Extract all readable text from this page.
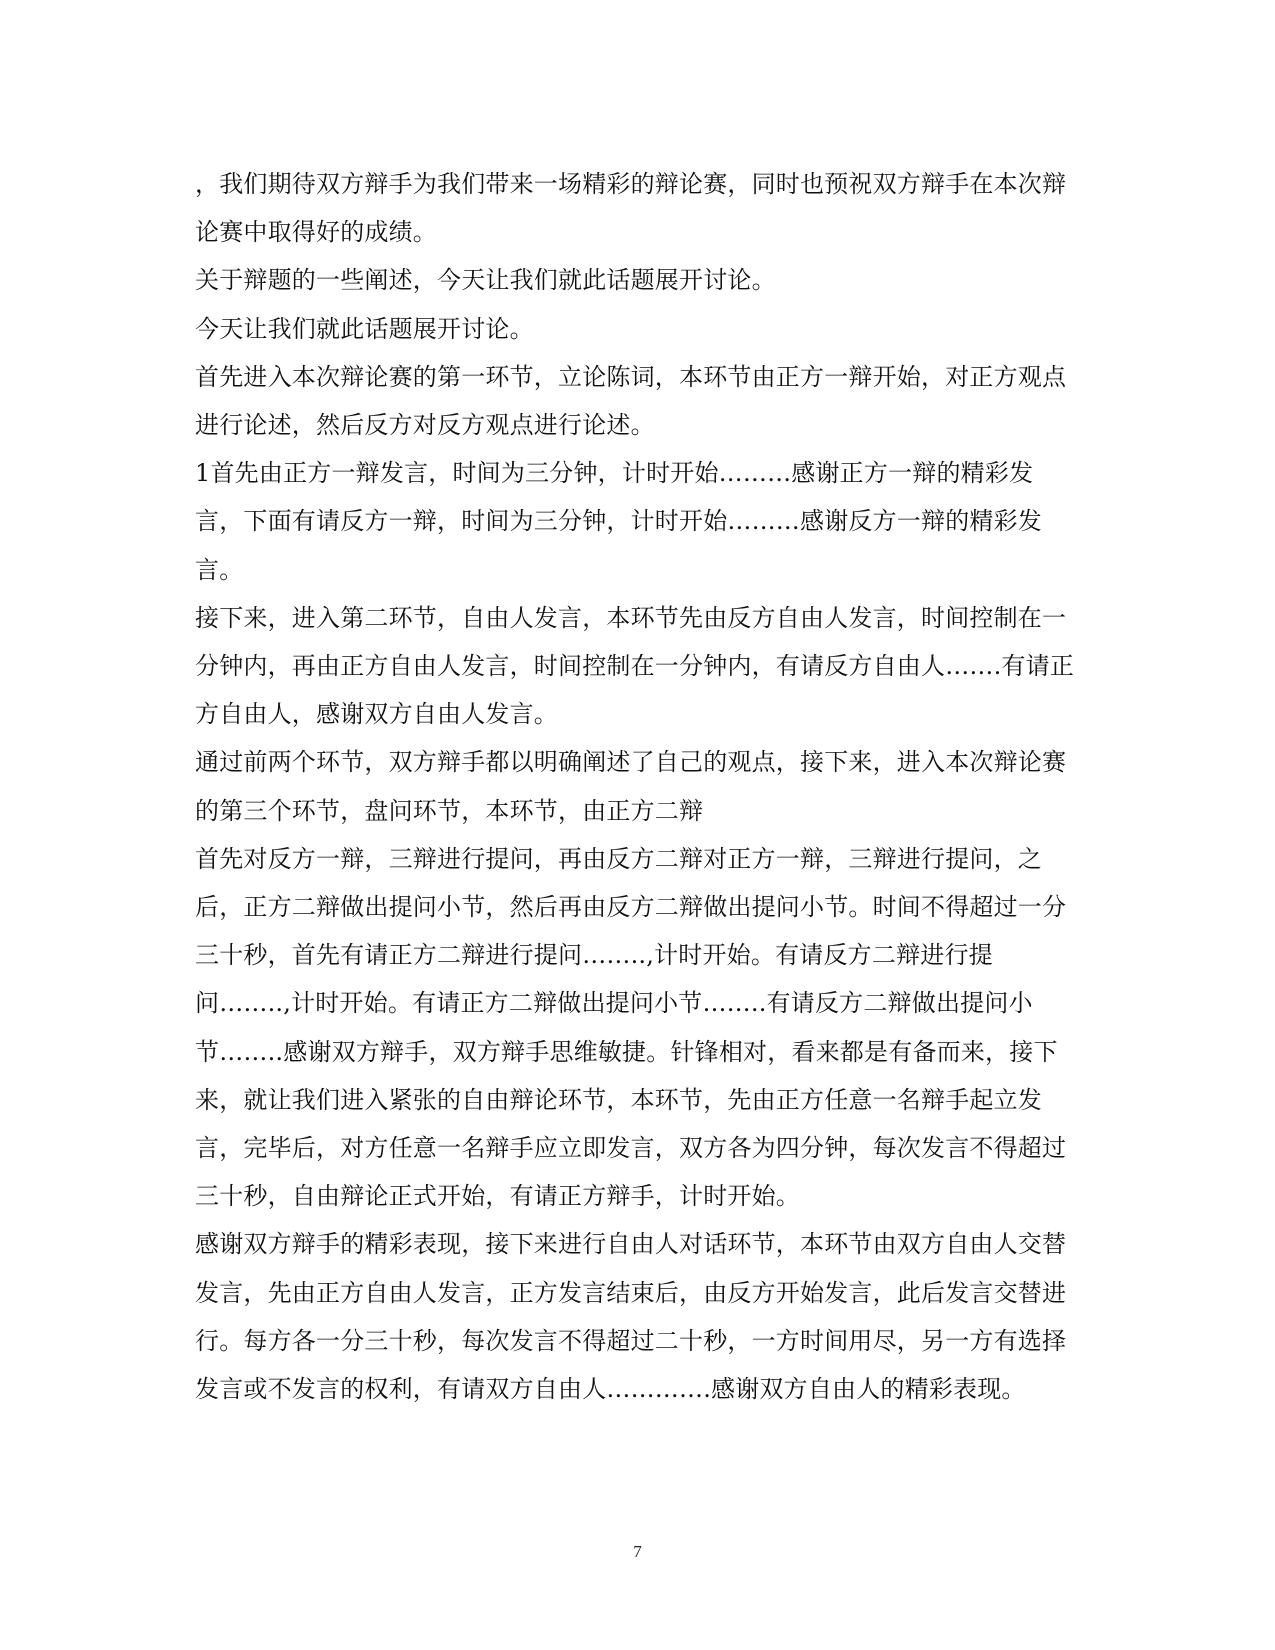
，我们期待双方辩手为我们带来一场精彩的辩论赛，同时也预祝双方辩手在本次辩论赛中取得好的成绩。

关于辩题的一些阐述，今天让我们就此话题展开讨论。

今天让我们就此话题展开讨论。

首先进入本次辩论赛的第一环节，立论陈词，本环节由正方一辩开始，对正方观点进行论述，然后反方对反方观点进行论述。

1首先由正方一辩发言，时间为三分钟，计时开始………感谢正方一辩的精彩发言，下面有请反方一辩，时间为三分钟，计时开始………感谢反方一辩的精彩发言。

接下来，进入第二环节，自由人发言，本环节先由反方自由人发言，时间控制在一分钟内，再由正方自由人发言，时间控制在一分钟内，有请反方自由人…….有请正方自由人，感谢双方自由人发言。

通过前两个环节，双方辩手都以明确阐述了自己的观点，接下来，进入本次辩论赛的第三个环节，盘问环节，本环节，由正方二辩

首先对反方一辩，三辩进行提问，再由反方二辩对正方一辩，三辩进行提问，之后，正方二辩做出提问小节，然后再由反方二辩做出提问小节。时间不得超过一分三十秒，首先有请正方二辩进行提问……..,计时开始。有请反方二辩进行提问……..,计时开始。有请正方二辩做出提问小节……..有请反方二辩做出提问小节……..感谢双方辩手，双方辩手思维敏捷。针锋相对，看来都是有备而来，接下来，就让我们进入紧张的自由辩论环节，本环节，先由正方任意一名辩手起立发言，完毕后，对方任意一名辩手应立即发言，双方各为四分钟，每次发言不得超过三十秒，自由辩论正式开始，有请正方辩手，计时开始。

感谢双方辩手的精彩表现，接下来进行自由人对话环节，本环节由双方自由人交替发言，先由正方自由人发言，正方发言结束后，由反方开始发言，此后发言交替进行。每方各一分三十秒，每次发言不得超过二十秒，一方时间用尽，另一方有选择发言或不发言的权利，有请双方自由人………….感谢双方自由人的精彩表现。

7
